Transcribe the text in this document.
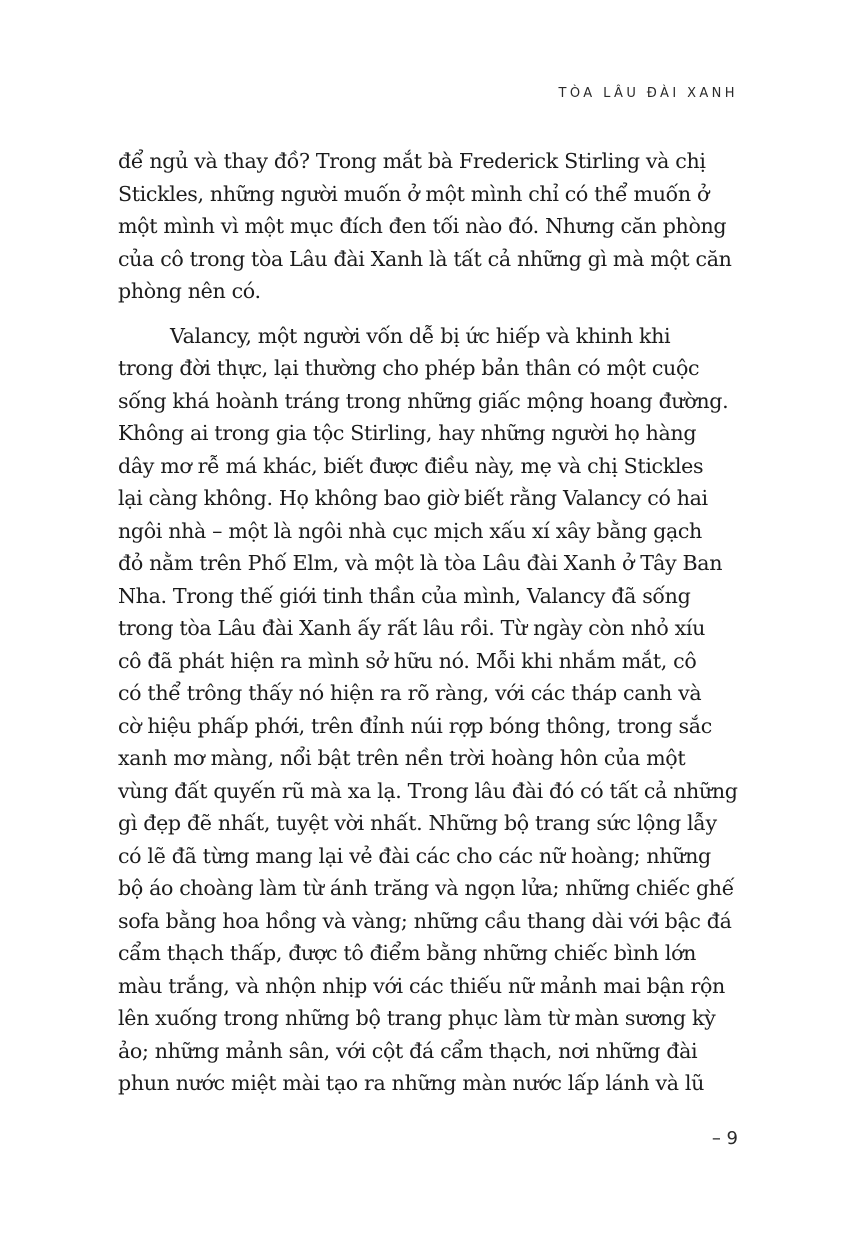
TÒA LÂU ĐÀI XANH
để ngủ và thay đồ? Trong mắt bà Frederick Stirling và chị
Stickles, những người muốn ở một mình chỉ có thể muốn ở
một mình vì một mục đích đen tối nào đó. Nhưng căn phòng
của cô trong tòa Lâu đài Xanh là tất cả những gì mà một căn
phòng nên có.
Valancy, một người vốn dễ bị ức hiếp và khinh khi
trong đời thực, lại thường cho phép bản thân có một cuộc
sống khá hoành tráng trong những giấc mộng hoang đường.
Không ai trong gia tộc Stirling, hay những người họ hàng
dây mơ rễ má khác, biết được điều này, mẹ và chị Stickles
lại càng không. Họ không bao giờ biết rằng Valancy có hai
ngôi nhà – một là ngôi nhà cục mịch xấu xí xây bằng gạch
đỏ nằm trên Phố Elm, và một là tòa Lâu đài Xanh ở Tây Ban
Nha. Trong thế giới tinh thần của mình, Valancy đã sống
trong tòa Lâu đài Xanh ấy rất lâu rồi. Từ ngày còn nhỏ xíu
cô đã phát hiện ra mình sở hữu nó. Mỗi khi nhắm mắt, cô
có thể trông thấy nó hiện ra rõ ràng, với các tháp canh và
cờ hiệu phấp phới, trên đỉnh núi rợp bóng thông, trong sắc
xanh mơ màng, nổi bật trên nền trời hoàng hôn của một
vùng đất quyến rũ mà xa lạ. Trong lâu đài đó có tất cả những
gì đẹp đẽ nhất, tuyệt vời nhất. Những bộ trang sức lộng lẫy
có lẽ đã từng mang lại vẻ đài các cho các nữ hoàng; những
bộ áo choàng làm từ ánh trăng và ngọn lửa; những chiếc ghế
sofa bằng hoa hồng và vàng; những cầu thang dài với bậc đá
cẩm thạch thấp, được tô điểm bằng những chiếc bình lớn
màu trắng, và nhộn nhịp với các thiếu nữ mảnh mai bận rộn
lên xuống trong những bộ trang phục làm từ màn sương kỳ
ảo; những mảnh sân, với cột đá cẩm thạch, nơi những đài
phun nước miệt mài tạo ra những màn nước lấp lánh và lũ
– 9
